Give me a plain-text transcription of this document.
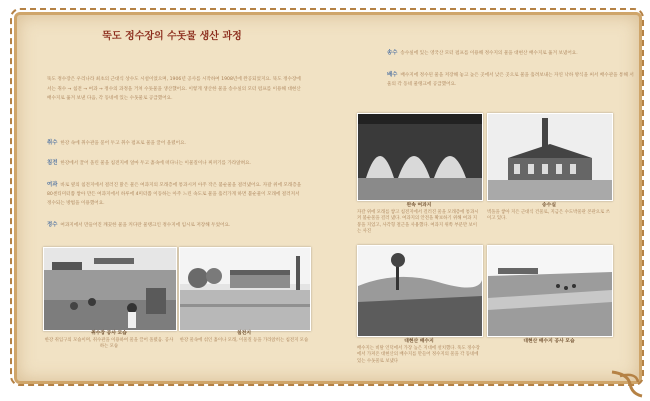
뚝도 정수장의 수돗물 생산 과정
뚝도 정수장은 우리나라 최초의 근대식 상수도 시설이었으며, 1906년 공사를 시작하여 1908년에 완공되었지요. 뚝도 정수장에서는 취수 → 침전 → 여과 → 정수의 과정을 거쳐 수돗물을 생산했어요. 이렇게 생산한 물을 송수실의 모터 펌프를 이용해 대현산 배수지로 옮겨 보낸 다음, 각 동네에 있는 수돗물로 공급했어요.
취수 한강 속에 취수관을 묻어 두고 취수 펌프로 물을 끌어 올렸어요.
침전 한강에서 끌어 올린 물을 침전지에 얼마 두고 흙속에 떠다니는 이물질이나 찌꺼기를 가라앉혀요.
여과 바로 옆의 침전지에서 걸러진 맑은 물은 여과지의 모래층에 통과시켜 아주 작은 불순물을 걸러냈어요. 자갈 위에 모래층을 80센티미터쯤 쌓아 만든 여과지에서 하루에 4미터쯤 이동하는 아주 느린 속도로 물을 흘러가게 하면 불순물이 모래에 걸러져서 정수되는 방법을 이용했어요.
정수 여과지에서 만들어진 깨끗한 물을 커다란 물탱크인 정수지에 임시로 저장해 두었어요.
취수장 공사 모습
한강 취입구의 모습이며, 취수관을 이용하여 물을 끌어 올렸음. 공사하는 모습
침전지
한강 물속에 섞인 흙이나 모래, 이물질 등을 가라앉히는 침전지 모습
송수 송수실에 있는 영국산 모터 펌프를 이용해 정수지의 물을 대현산 배수지로 옮겨 보냈어요.
배수 배수지에 정수된 물을 저장해 놓고 높은 곳에서 낮은 곳으로 물을 흘려보내는 자연 낙하 방식을 써서 배수관을 통해 서울의 각 동네 물탱크에 공급했어요.
완속 여과지
자갈 위에 모래를 쌓고 침전지에서 걸러진 물을 모래층에 통과시켜 불순물을 걸러 냈다. 여과지의 안전을 확보하기 위해 여과 지붕을 지었고, 사각형 철근을 사용했다. 여과지 위쪽 부분만 보이는 사진
송수실
벽돌을 쌓아 지은 근대식 건물로, 지금은 수도박물관 본관으로 쓰이고 있다.
대현산 배수지
배수지는 비탈 언덕에서 가장 높은 지대에 설치했다. 뚝도 정수장에서 가져온 대현산의 배수지를 만들어 정수지의 물을 각 동네에 있는 수돗물로 보냈다
대현산 배수지 공사 모습
